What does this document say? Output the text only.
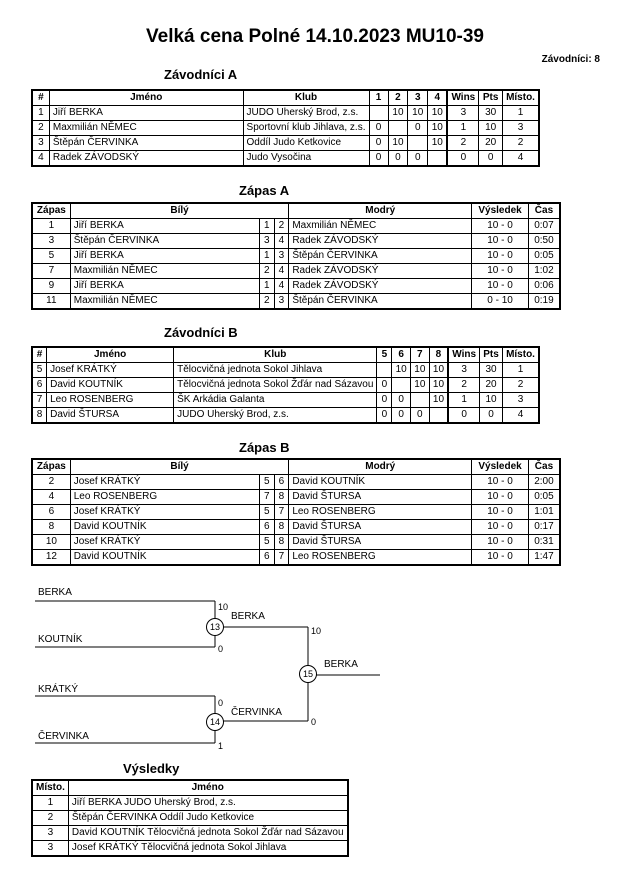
Velká cena Polné 14.10.2023 MU10-39
Závodníci: 8
Závodníci A
#	Jméno	Klub	1	2	3	4	Wins	Pts	Místo.
1	Jiří BERKA	JUDO Uherský Brod, z.s.		10	10	10	3	30	1
2	Maxmilián NĚMEC	Sportovní klub Jihlava, z.s.	0		0	10	1	10	3
3	Štěpán ČERVINKA	Oddíl Judo Ketkovice	0	10		10	2	20	2
4	Radek ZÁVODSKÝ	Judo Vysočina	0	0	0		0	0	4
Zápas A
Zápas	Bílý			Modrý	Výsledek	Čas
1	Jiří BERKA	1	2	Maxmilián NĚMEC	10 - 0	0:07
3	Štěpán ČERVINKA	3	4	Radek ZÁVODSKÝ	10 - 0	0:50
5	Jiří BERKA	1	3	Štěpán ČERVINKA	10 - 0	0:05
7	Maxmilián NĚMEC	2	4	Radek ZÁVODSKÝ	10 - 0	1:02
9	Jiří BERKA	1	4	Radek ZÁVODSKÝ	10 - 0	0:06
11	Maxmilián NĚMEC	2	3	Štěpán ČERVINKA	0 - 10	0:19
Závodníci B
#	Jméno	Klub	5	6	7	8	Wins	Pts	Místo.
5	Josef KRÁTKÝ	Tělocvičná jednota Sokol Jihlava		10	10	10	3	30	1
6	David KOUTNÍK	Tělocvičná jednota Sokol Žďár nad Sázavou	0		10	10	2	20	2
7	Leo ROSENBERG	ŠK Arkádia Galanta	0	0		10	1	10	3
8	David ŠTURSA	JUDO Uherský Brod, z.s.	0	0	0		0	0	4
Zápas B
Zápas	Bílý			Modrý	Výsledek	Čas
2	Josef KRÁTKÝ	5	6	David KOUTNÍK	10 - 0	2:00
4	Leo ROSENBERG	7	8	David ŠTURSA	10 - 0	0:05
6	Josef KRÁTKÝ	5	7	Leo ROSENBERG	10 - 0	1:01
8	David KOUTNÍK	6	8	David ŠTURSA	10 - 0	0:17
10	Josef KRÁTKÝ	5	8	David ŠTURSA	10 - 0	0:31
12	David KOUTNÍK	6	7	Leo ROSENBERG	10 - 0	1:47
BERKA
10
KOUTNÍK
0
13
BERKA
KRÁTKÝ
0
ČERVINKA
1
14
ČERVINKA
10
0
15
BERKA
Výsledky
Místo.	Jméno
1	Jiří BERKA JUDO Uherský Brod, z.s.
2	Štěpán ČERVINKA Oddíl Judo Ketkovice
3	David KOUTNÍK Tělocvičná jednota Sokol Žďár nad Sázavou
3	Josef KRÁTKÝ Tělocvičná jednota Sokol Jihlava
